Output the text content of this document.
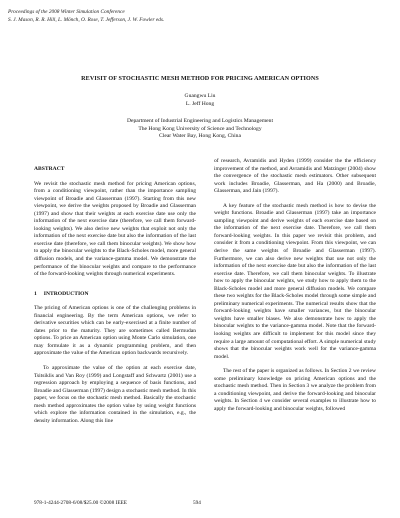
Proceedings of the 2008 Winter Simulation Conference
S. J. Mason, R. R. Hill, L. Mönch, O. Rose, T. Jefferson, J. W. Fowler eds.
REVISIT OF STOCHASTIC MESH METHOD FOR PRICING AMERICAN OPTIONS
Guangwu Liu
L. Jeff Hong
Department of Industrial Engineering and Logistics Management
The Hong Kong University of Science and Technology
Clear Water Bay, Hong Kong, China
ABSTRACT
We revisit the stochastic mesh method for pricing American options, from a conditioning viewpoint, rather than the importance sampling viewpoint of Broadie and Glasserman (1997). Starting from this new viewpoint, we derive the weights proposed by Broadie and Glasserman (1997) and show that their weights at each exercise date use only the information of the next exercise date (therefore, we call them forward-looking weights). We also derive new weights that exploit not only the information of the next exercise date but also the information of the last exercise date (therefore, we call them binocular weights). We show how to apply the binocular weights to the Black-Scholes model, more general diffusion models, and the variance-gamma model. We demonstrate the performance of the binocular weights and compare to the performance of the forward-looking weights through numerical experiments.
1     INTRODUCTION
The pricing of American options is one of the challenging problems in financial engineering. By the term American options, we refer to derivative securities which can be early-exercised at a finite number of dates prior to the maturity. They are sometimes called Bermudan options. To price an American option using Monte Carlo simulation, one may formulate it as a dynamic programming problem, and then approximate the value of the American option backwards recursively.
To approximate the value of the option at each exercise date, Tsitsiklis and Van Roy (1999) and Longstaff and Schwartz (2001) use a regression approach by employing a sequence of basis functions, and Broadie and Glasserman (1997) design a stochastic mesh method. In this paper, we focus on the stochastic mesh method. Basically the stochastic mesh method approximates the option value by using weight functions which explore the information contained in the simulation, e.g., the density information. Along this line
of research, Avramidis and Hyden (1999) consider the the efficiency improvement of the method, and Avramidis and Matzinger (2004) show the convergence of the stochastic mesh estimators. Other subsequent work includes Broadie, Glasserman, and Ha (2000) and Broadie, Glasserman, and Jain (1997).
A key feature of the stochastic mesh method is how to devise the weight functions. Broadie and Glasserman (1997) take an importance sampling viewpoint and derive weights of each exercise date based on the information of the next exercise date. Therefore, we call them forward-looking weights. In this paper we revisit this problem, and consider it from a conditioning viewpoint. From this viewpoint, we can derive the same weights of Broadie and Glasserman (1997). Furthermore, we can also derive new weights that use not only the information of the next exercise date but also the information of the last exercise date. Therefore, we call them binocular weights. To illustrate how to apply the binocular weights, we study how to apply them to the Black-Scholes model and more general diffusion models. We compare these two weights for the Black-Scholes model through some simple and preliminary numerical experiments. The numerical results show that the forward-looking weights have smaller variances, but the binocular weights have smaller biases. We also demonstrate how to apply the binocular weights to the variance-gamma model. Note that the forward-looking weights are difficult to implement for this model since they require a large amount of computational effort. A simple numerical study shows that the binocular weights work well for the variance-gamma model.
The rest of the paper is organized as follows. In Section 2 we review some preliminary knowledge on pricing American options and the stochastic mesh method. Then in Section 3 we analyze the problem from a conditioning viewpoint, and derive the forward-looking and binocular weights. In Section 4 we consider several examples to illustrate how to apply the forward-looking and binocular weights, followed
978-1-4244-2708-6/08/$25.00 ©2008 IEEE	594
